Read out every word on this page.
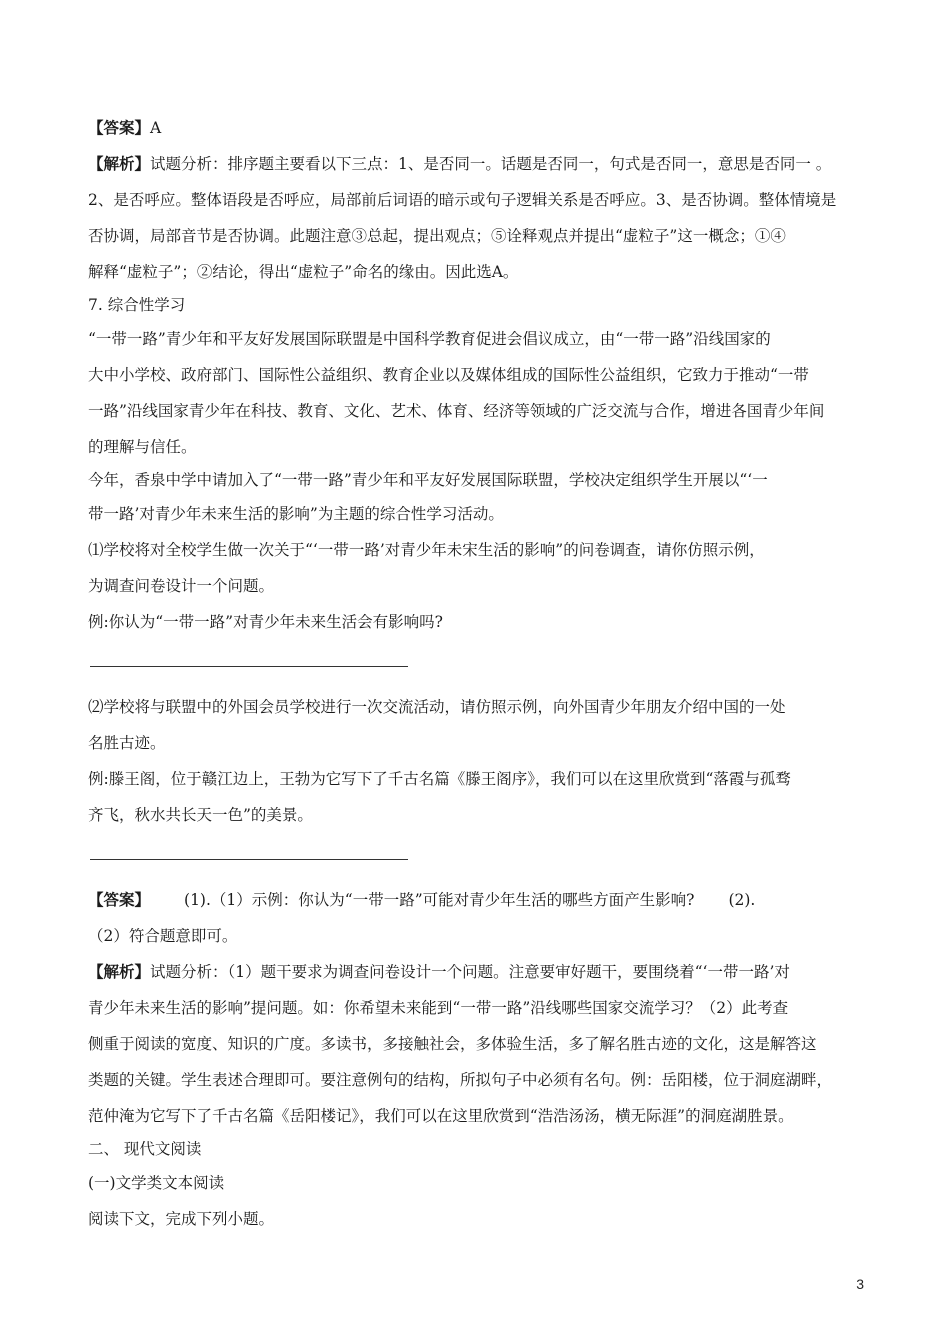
【答案】A

【解析】试题分析：排序题主要看以下三点：1、是否同一。话题是否同一，句式是否同一，意思是否同一 。

2、是否呼应。整体语段是否呼应，局部前后词语的暗示或句子逻辑关系是否呼应。3、是否协调。整体情境是

否协调，局部音节是否协调。此题注意③总起，提出观点；⑤诠释观点并提出“虚粒子”这一概念；①④

解释“虚粒子”；②结论，得出“虚粒子”命名的缘由。因此选A。

7. 综合性学习

“一带一路”青少年和平友好发展国际联盟是中国科学教育促进会倡议成立，由“一带一路”沿线国家的

大中小学校、政府部门、国际性公益组织、教育企业以及媒体组成的国际性公益组织，它致力于推动“一带

一路”沿线国家青少年在科技、教育、文化、艺术、体育、经济等领域的广泛交流与合作，增进各国青少年间

的理解与信任。

今年，香泉中学中请加入了“一带一路”青少年和平友好发展国际联盟，学校决定组织学生开展以“‘一

带一路’对青少年未来生活的影响”为主题的综合性学习活动。

⑴学校将对全校学生做一次关于“‘一带一路’对青少年未宋生活的影响”的问卷调查，请你仿照示例，

为调查问卷设计一个问题。

例:你认为“一带一路”对青少年未来生活会有影响吗?

⑵学校将与联盟中的外国会员学校进行一次交流活动，请仿照示例，向外国青少年朋友介绍中国的一处

名胜古迹。

例:滕王阁，位于赣江边上，王勃为它写下了千古名篇《滕王阁序》，我们可以在这里欣赏到“落霞与孤骛

齐飞，秋水共长天一色”的美景。

【答案】 (1).（1）示例：你认为“一带一路”可能对青少年生活的哪些方面产生影响? (2).

（2）符合题意即可。

【解析】试题分析：（1）题干要求为调查问卷设计一个问题。注意要审好题干，要围绕着“‘一带一路’对

青少年未来生活的影响”提问题。如：你希望未来能到“一带一路”沿线哪些国家交流学习？（2）此考查

侧重于阅读的宽度、知识的广度。多读书，多接触社会，多体验生活，多了解名胜古迹的文化，这是解答这

类题的关键。学生表述合理即可。要注意例句的结构，所拟句子中必须有名句。例：岳阳楼，位于洞庭湖畔，

范仲淹为它写下了千古名篇《岳阳楼记》，我们可以在这里欣赏到“浩浩汤汤，横无际涯”的洞庭湖胜景。

二、 现代文阅读

(一)文学类文本阅读

阅读下文，完成下列小题。

3
